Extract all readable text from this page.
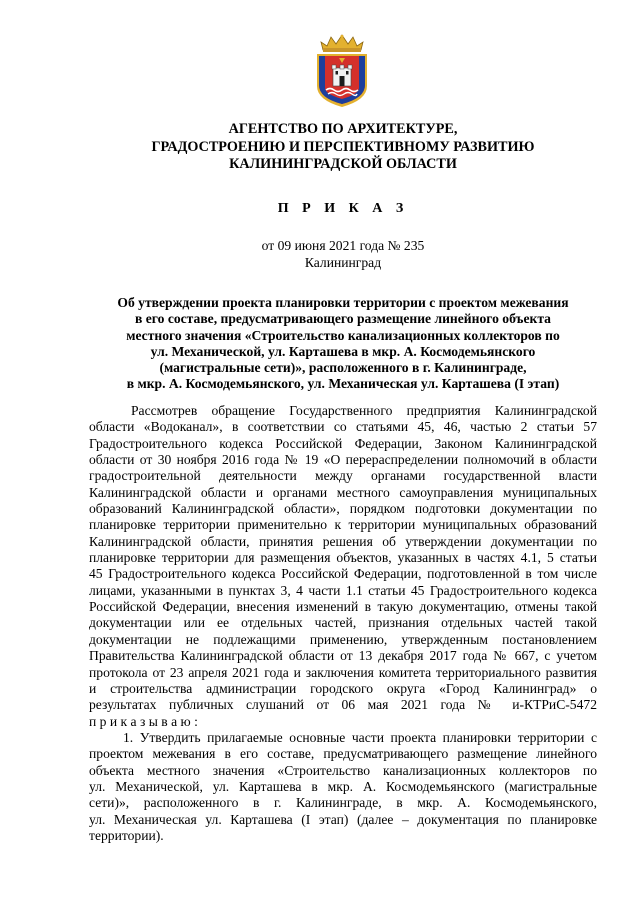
АГЕНТСТВО ПО АРХИТЕКТУРЕ,
ГРАДОСТРОЕНИЮ И ПЕРСПЕКТИВНОМУ РАЗВИТИЮ
КАЛИНИНГРАДСКОЙ ОБЛАСТИ
П Р И К А З
от 09 июня 2021 года № 235
Калининград
Об утверждении проекта планировки территории с проектом межевания
в его составе, предусматривающего размещение линейного объекта
местного значения «Строительство канализационных коллекторов по
ул. Механической, ул. Карташева в мкр. А. Космодемьянского
(магистральные сети)», расположенного в г. Калининграде,
в мкр. А. Космодемьянского, ул. Механическая ул. Карташева (I этап)
Рассмотрев обращение Государственного предприятия Калининградской
области «Водоканал», в соответствии со статьями 45, 46, частью 2 статьи 57
Градостроительного кодекса Российской Федерации, Законом Калининградской
области от 30 ноября 2016 года № 19 «О перераспределении полномочий в области
градостроительной деятельности между органами государственной власти
Калининградской области и органами местного самоуправления муниципальных
образований Калининградской области», порядком подготовки документации по
планировке территории применительно к территории муниципальных образований
Калининградской области, принятия решения об утверждении документации по
планировке территории для размещения объектов, указанных в частях 4.1, 5 статьи
45 Градостроительного кодекса Российской Федерации, подготовленной в том числе
лицами, указанными в пунктах 3, 4 части 1.1 статьи 45 Градостроительного кодекса
Российской Федерации, внесения изменений в такую документацию, отмены такой
документации или ее отдельных частей, признания отдельных частей такой
документации не подлежащими применению, утвержденным постановлением
Правительства Калининградской области от 13 декабря 2017 года № 667, с учетом
протокола от 23 апреля 2021 года и заключения комитета территориального развития
и строительства администрации городского округа «Город Калининград» о
результатах публичных слушаний от 06 мая 2021 года № и-КТРиС-5472
п р и к а з ы в а ю :
1. Утвердить прилагаемые основные части проекта планировки территории с
проектом межевания в его составе, предусматривающего размещение линейного
объекта местного значения «Строительство канализационных коллекторов по
ул. Механической, ул. Карташева в мкр. А. Космодемьянского (магистральные
сети)», расположенного в г. Калининграде, в мкр. А. Космодемьянского,
ул. Механическая ул. Карташева (I этап) (далее – документация по планировке
территории).
